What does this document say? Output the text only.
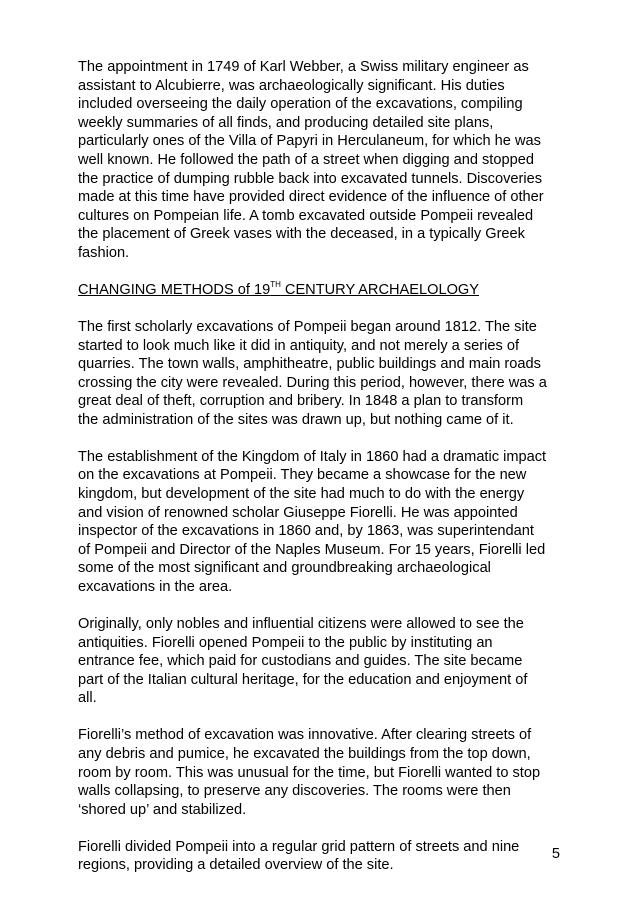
The appointment in 1749 of Karl Webber, a Swiss military engineer as
assistant to Alcubierre, was archaeologically significant. His duties
included overseeing the daily operation of the excavations, compiling
weekly summaries of all finds, and producing detailed site plans,
particularly ones of the Villa of Papyri in Herculaneum, for which he was
well known. He followed the path of a street when digging and stopped
the practice of dumping rubble back into excavated tunnels. Discoveries
made at this time have provided direct evidence of the influence of other
cultures on Pompeian life. A tomb excavated outside Pompeii revealed
the placement of Greek vases with the deceased, in a typically Greek
fashion.

CHANGING METHODS of 19TH CENTURY ARCHAELOLOGY

The first scholarly excavations of Pompeii began around 1812. The site
started to look much like it did in antiquity, and not merely a series of
quarries. The town walls, amphitheatre, public buildings and main roads
crossing the city were revealed. During this period, however, there was a
great deal of theft, corruption and bribery. In 1848 a plan to transform
the administration of the sites was drawn up, but nothing came of it.

The establishment of the Kingdom of Italy in 1860 had a dramatic impact
on the excavations at Pompeii. They became a showcase for the new
kingdom, but development of the site had much to do with the energy
and vision of renowned scholar Giuseppe Fiorelli. He was appointed
inspector of the excavations in 1860 and, by 1863, was superintendant
of Pompeii and Director of the Naples Museum. For 15 years, Fiorelli led
some of the most significant and groundbreaking archaeological
excavations in the area.

Originally, only nobles and influential citizens were allowed to see the
antiquities. Fiorelli opened Pompeii to the public by instituting an
entrance fee, which paid for custodians and guides. The site became
part of the Italian cultural heritage, for the education and enjoyment of
all.

Fiorelli’s method of excavation was innovative. After clearing streets of
any debris and pumice, he excavated the buildings from the top down,
room by room. This was unusual for the time, but Fiorelli wanted to stop
walls collapsing, to preserve any discoveries. The rooms were then
‘shored up’ and stabilized.

Fiorelli divided Pompeii into a regular grid pattern of streets and nine
regions, providing a detailed overview of the site.

5
